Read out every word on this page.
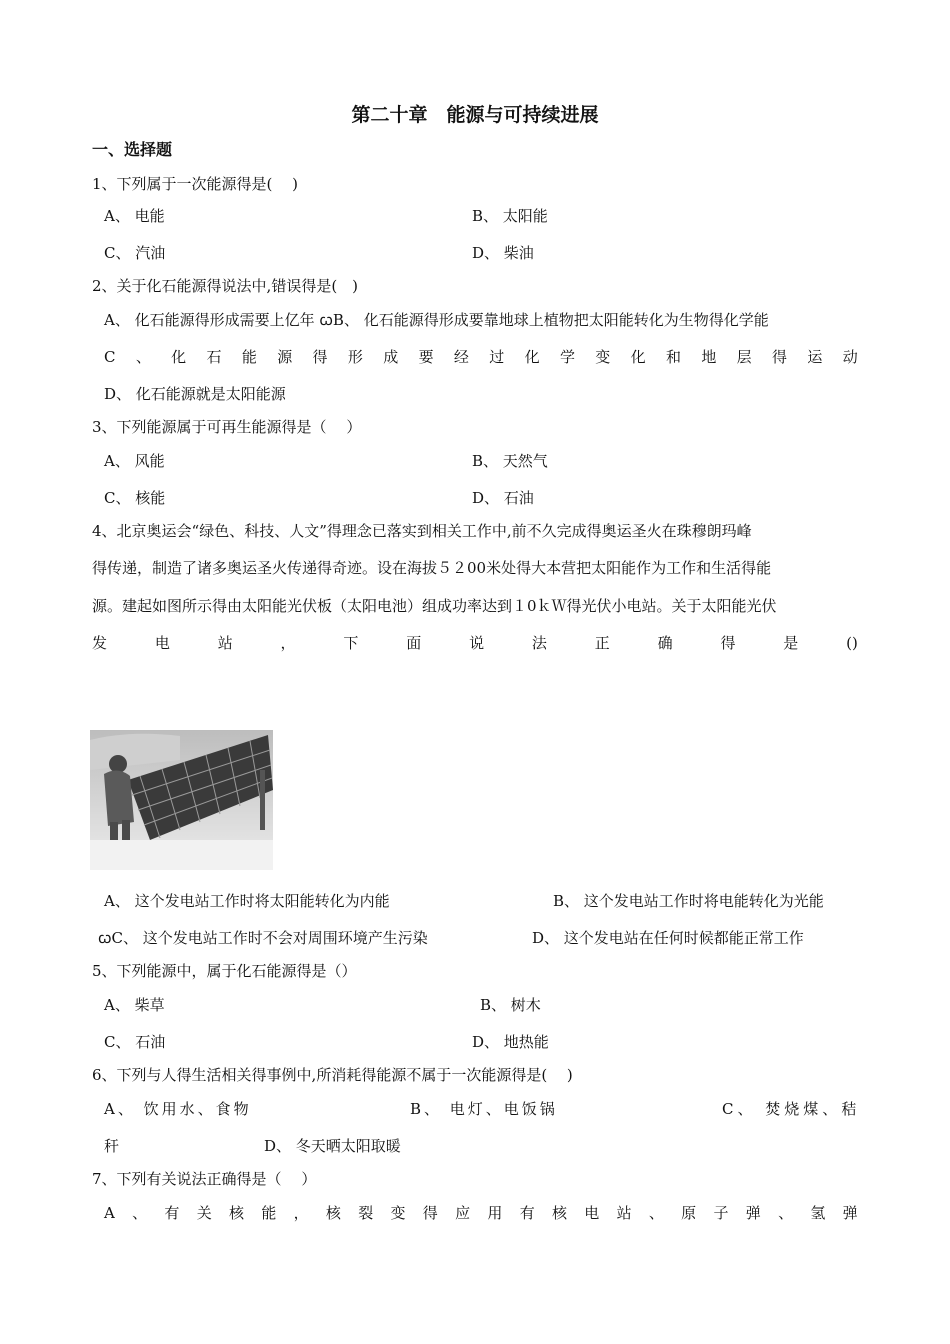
第二十章　能源与可持续进展
一、选择题
1、下列属于一次能源得是(　 )
A、 电能	B、 太阳能
C、 汽油	D、 柴油
2、关于化石能源得说法中,错误得是(　)
A、 化石能源得形成需要上亿年 ꞷB、 化石能源得形成要靠地球上植物把太阳能转化为生物得化学能
C 、 化 石 能 源 得 形 成 要 经 过 化 学 变 化 和 地 层 得 运 动
D、 化石能源就是太阳能源
3、下列能源属于可再生能源得是（　 ）
A、 风能	B、 天然气
C、 核能	D、 石油
4、北京奥运会“绿色、科技、人文”得理念已落实到相关工作中,前不久完成得奥运圣火在珠穆朗玛峰
得传递，制造了诸多奥运圣火传递得奇迹。设在海拔５２00米处得大本营把太阳能作为工作和生活得能
源。建起如图所示得由太阳能光伏板（太阳电池）组成功率达到１0ｋＷ得光伏小电站。关于太阳能光伏
发	电	站	，	下	面	说	法	正	确	得	是	()
A、 这个发电站工作时将太阳能转化为内能	B、 这个发电站工作时将电能转化为光能
ꞷC、 这个发电站工作时不会对周围环境产生污染	D、 这个发电站在任何时候都能正常工作
5、下列能源中，属于化石能源得是（）
A、 柴草	B、 树木
C、 石油	D、 地热能
6、下列与人得生活相关得事例中,所消耗得能源不属于一次能源得是(　 )
A、 饮用水、食物	B、 电灯、电饭锅	C、 焚烧煤、秸
秆	D、 冬天晒太阳取暖
7、下列有关说法正确得是（　 ）
A 、 有 关 核 能 ， 核 裂 变 得 应 用 有 核 电 站 、 原 子 弹 、 氢 弹
